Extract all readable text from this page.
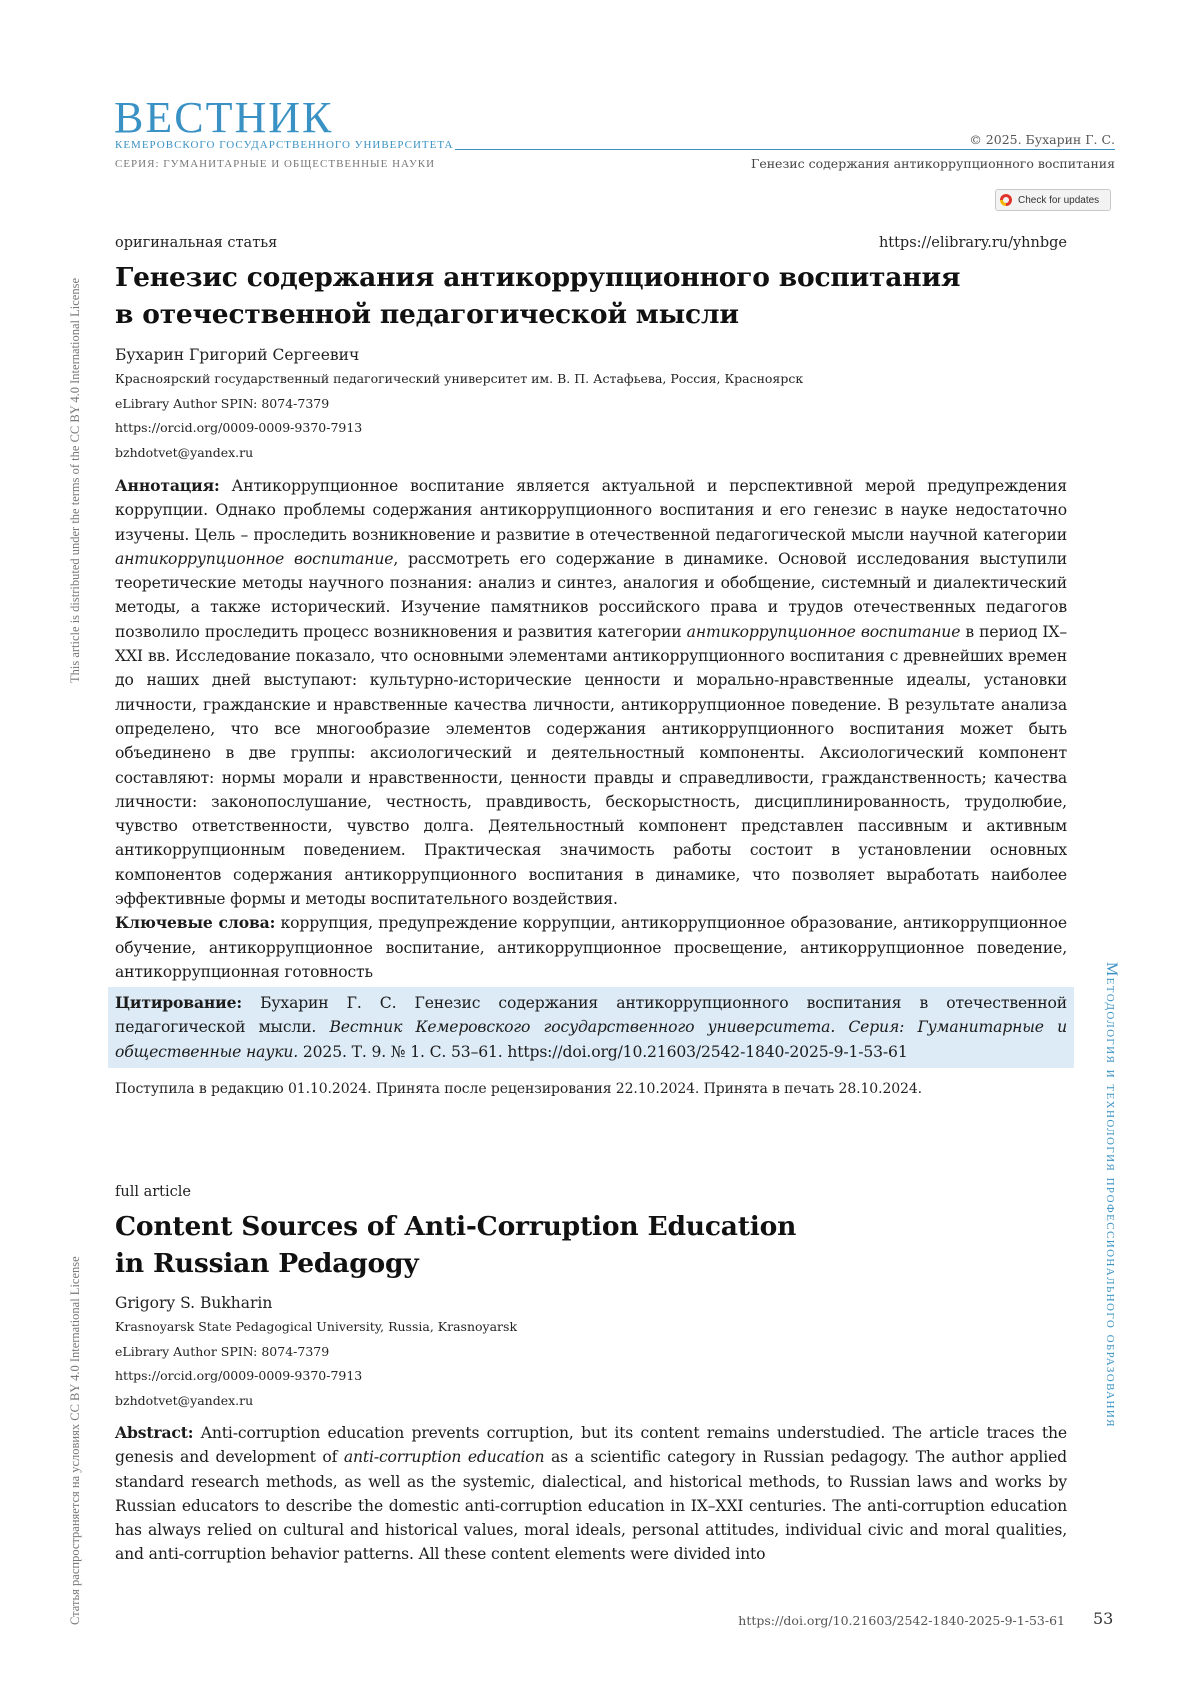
ВЕСТНИК
КЕМЕРОВСКОГО ГОСУДАРСТВЕННОГО УНИВЕРСИТЕТА
СЕРИЯ: ГУМАНИТАРНЫЕ И ОБЩЕСТВЕННЫЕ НАУКИ
© 2025. Бухарин Г. С.
Генезис содержания антикоррупционного воспитания
Check for updates
This article is distributed under the terms of the CC BY 4.0 International License
Статья распространяется на условиях CC BY 4.0 International License
Методология и технология профессионального образования
оригинальная статья	https://elibrary.ru/yhnbge
Генезис содержания антикоррупционного воспитания
в отечественной педагогической мысли
Бухарин Григорий Сергеевич
Красноярский государственный педагогический университет им. В. П. Астафьева, Россия, Красноярск
eLibrary Author SPIN: 8074-7379
https://orcid.org/0009-0009-9370-7913
bzhdotvet@yandex.ru
Аннотация: Антикоррупционное воспитание является актуальной и перспективной мерой предупреждения коррупции. Однако проблемы содержания антикоррупционного воспитания и его генезис в науке недостаточно изучены. Цель – проследить возникновение и развитие в отечественной педагогической мысли научной категории антикоррупционное воспитание, рассмотреть его содержание в динамике. Основой исследования выступили теоретические методы научного познания: анализ и синтез, аналогия и обобщение, системный и диалектический методы, а также исторический. Изучение памятников российского права и трудов отечественных педагогов позволило проследить процесс возникновения и развития категории антикоррупционное воспитание в период IX–XXI вв. Исследование показало, что основными элементами антикоррупционного воспитания с древнейших времен до наших дней выступают: культурно-исторические ценности и морально-нравственные идеалы, установки личности, гражданские и нравственные качества личности, антикоррупционное поведение. В результате анализа определено, что все многообразие элементов содержания антикоррупционного воспитания может быть объединено в две группы: аксиологический и деятельностный компоненты. Аксиологический компонент составляют: нормы морали и нравственности, ценности правды и справедливости, гражданственность; качества личности: законопослушание, честность, правдивость, бескорыстность, дисциплинированность, трудолюбие, чувство ответственности, чувство долга. Деятельностный компонент представлен пассивным и активным антикоррупционным поведением. Практическая значимость работы состоит в установлении основных компонентов содержания антикоррупционного воспитания в динамике, что позволяет выработать наиболее эффективные формы и методы воспитательного воздействия.
Ключевые слова: коррупция, предупреждение коррупции, антикоррупционное образование, антикоррупционное обучение, антикоррупционное воспитание, антикоррупционное просвещение, антикоррупционное поведение, антикоррупционная готовность
Цитирование: Бухарин Г. С. Генезис содержания антикоррупционного воспитания в отечественной педагогической мысли. Вестник Кемеровского государственного университета. Серия: Гуманитарные и общественные науки. 2025. Т. 9. № 1. С. 53–61. https://doi.org/10.21603/2542-1840-2025-9-1-53-61
Поступила в редакцию 01.10.2024. Принята после рецензирования 22.10.2024. Принята в печать 28.10.2024.
full article
Content Sources of Anti-Corruption Education
in Russian Pedagogy
Grigory S. Bukharin
Krasnoyarsk State Pedagogical University, Russia, Krasnoyarsk
eLibrary Author SPIN: 8074-7379
https://orcid.org/0009-0009-9370-7913
bzhdotvet@yandex.ru
Abstract: Anti-corruption education prevents corruption, but its content remains understudied. The article traces the genesis and development of anti-corruption education as a scientific category in Russian pedagogy. The author applied standard research methods, as well as the systemic, dialectical, and historical methods, to Russian laws and works by Russian educators to describe the domestic anti-corruption education in IX–XXI centuries. The anti-corruption education has always relied on cultural and historical values, moral ideals, personal attitudes, individual civic and moral qualities, and anti-corruption behavior patterns. All these content elements were divided into
https://doi.org/10.21603/2542-1840-2025-9-1-53-61 53
